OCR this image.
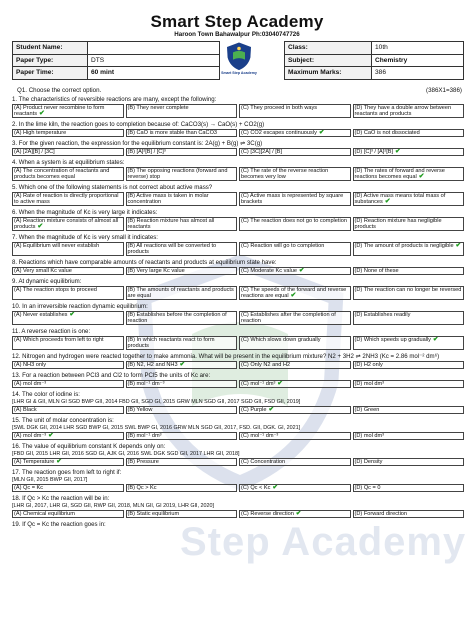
Step Academy
Smart Step Academy
Haroon Town Bahawalpur Ph:03040747726
Student Name:			Class:	10th
Paper Type:	DTS		Subject:	Chemistry
Paper Time:	60 mint		Maximum Marks:	386
Smart Step Academy
Q1. Choose the correct option.	(386X1=386)
1. The characteristics of reversible reactions are many, except the following:
(A) Product never recombine to form reactants ✔
(B) They never complete	(C) They proceed in both ways	(D) They have a double arrow between reactants and products
2. In the lime kiln, the reaction goes to completion because of: CaCO3(s) → CaO(s) + CO2(g)
(A) High temperature	(B) CaO is more stable than CaCO3	(C) CO2 escapes continuously ✔	(D) CaO is not dissociated
3. For the given reaction, the expression for the equilibrium constant is: 2A(g) + B(g) ⇌ 3C(g)
(A) [2A][B] / [3C]	(B) [A]²[B] / [C]³	(C) [3C][2A] / [B]	(D) [C]³ / [A]²[B] ✔
4. When a system is at equilibrium states:
(A) The concentration of reactants and products becomes equal
(B) The opposing reactions (forward and reverse) stop
(C) The rate of the reverse reaction becomes very low
(D) The rates of forward and reverse reactions becomes equal ✔
5. Which one of the following statements is not correct about active mass?
(A) Rate of reaction is directly proportional to active mass
(B) Active mass is taken in molar concentration
(C) Active mass is represented by square brackets
(D) Active mass means total mass of substances ✔
6. When the magnitude of Kc is very large it indicates:
(A) Reaction mixture consists of almost all products ✔
(B) Reaction mixture has almost all reactants
(C) The reaction does not go to completion	(D) Reaction mixture has negligible products
7. When the magnitude of Kc is very small it indicates:
(A) Equilibrium will never establish	(B) All reactions will be converted to products
(C) Reaction will go to completion	(D) The amount of products is negligible ✔
8. Reactions which have comparable amounts of reactants and products at equilibrium state have:
(A) Very small Kc value	(B) Very large Kc value	(C) Moderate Kc value ✔	(D) None of these
9. At dynamic equilibrium:
(A) The reaction stops to proceed	(B) The amounts of reactants and products are equal
(C) The speeds of the forward and reverse reactions are equal ✔
(D) The reaction can no longer be reversed
10. In an irreversible reaction dynamic equilibrium:
(A) Never establishes ✔	(B) Establishes before the completion of reaction
(C) Establishes after the completion of reaction
(D) Establishes readily
11. A reverse reaction is one:
(A) Which proceeds from left to right	(B) In which reactants react to form products
(C) Which slows down gradually	(D) Which speeds up gradually ✔
12. Nitrogen and hydrogen were reacted together to make ammonia. What will be present in the equilibrium mixture? N2 + 3H2 ⇌ 2NH3 (Kc = 2.86 mol⁻² dm⁶)
(A) NH3 only	(B) N2, H2 and NH3 ✔	(C) Only N2 and H2	(D) H2 only
13. For a reaction between PCl3 and Cl2 to form PCl5 the units of Kc are:
(A) mol dm⁻³	(B) mol⁻¹ dm⁻³	(C) mol⁻¹ dm³ ✔	(D) mol dm³
14. The color of iodine is:
[LHR GI & GII, MLN GI SGD BWP GII, 2014 FBD GII, SGD GI, 2015 GRW MLN SGD GII, 2017 SGD GII, FSD GII, 2019]
(A) Black	(B) Yellow	(C) Purple ✔	(D) Green
15. The unit of molar concentration is:
[SWL DGK GII, 2014 LHR SGD BWP GI, 2015 SWL BWP GI, 2016 GRW MLN SGD GII, 2017, FSD. GII, DGK. GI, 2021]
(A) mol dm⁻³ ✔	(B) mol⁻¹ dm³	(C) mol⁻¹ dm⁻³	(D) mol dm³
16. The value of equilibrium constant K depends only on:
[FBD GII, 2015 LHR GII, 2016 SGD GI, AJK GI, 2016 SWL DGK SGD GII, 2017 LHR GII, 2018]
(A) Temperature ✔	(B) Pressure	(C) Concentration	(D) Density
17. The reaction goes from left to right if:
[MLN GII, 2015 BWP GII, 2017]
(A) Qc = Kc	(B) Qc > Kc	(C) Qc < Kc ✔	(D) Qc = 0
18. If Qc > Kc the reaction will be in:
[LHR GI, 2017, LHR GI, SGD GII, RWP GII, 2018, MLN GII, GI 2019, LHR GII, 2020]
(A) Chemical equilibrium	(B) Static equilibrium	(C) Reverse direction ✔	(D) Forward direction
19. If Qc = Kc the reaction goes in:
